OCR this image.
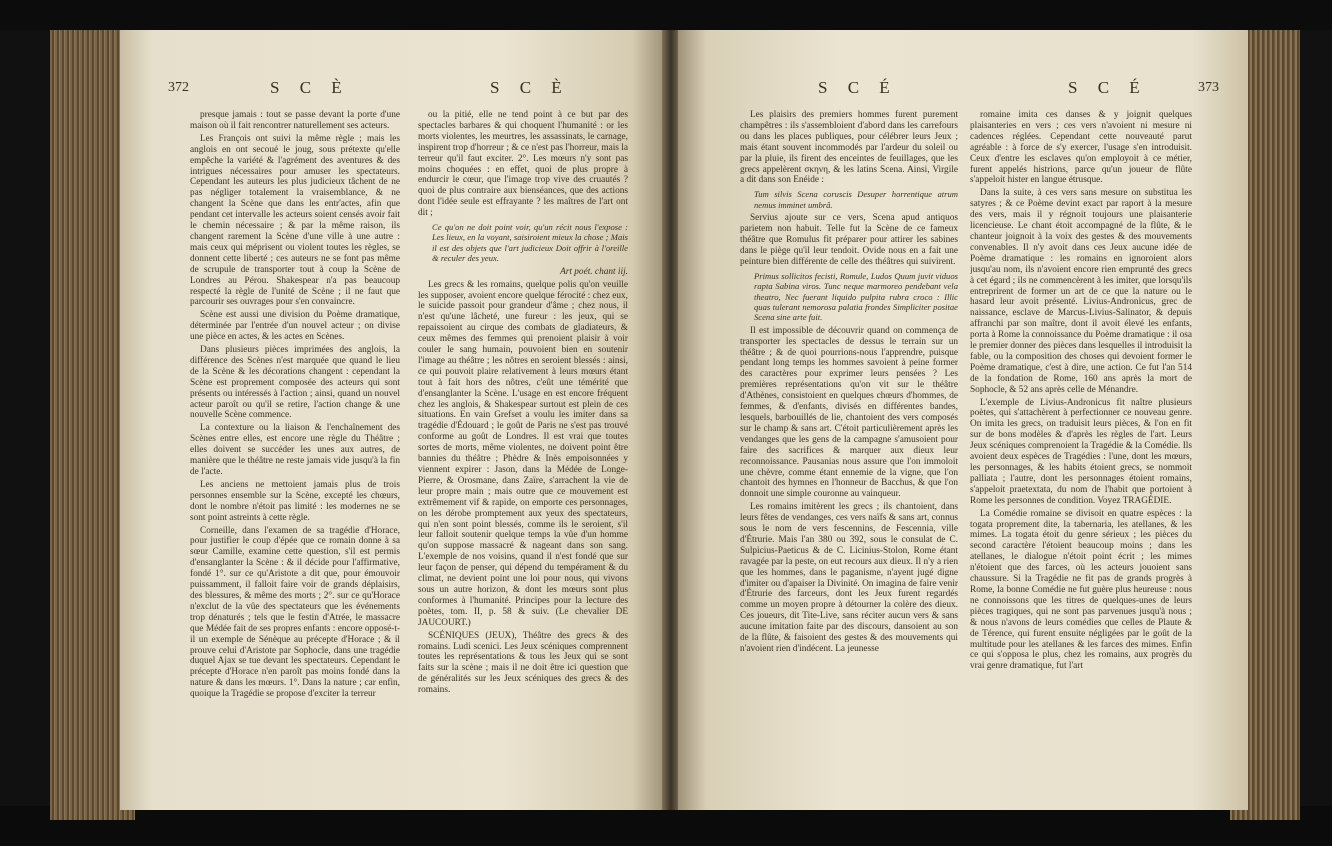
372	S C È	S C È

presque jamais : tout se passe devant la porte d'une maison où il fait rencontrer naturellement ses acteurs.

Les François ont suivi la même règle ; mais les anglois en ont secoué le joug, sous prétexte qu'elle empêche la variété & l'agrément des aventures & des intrigues nécessaires pour amuser les spectateurs. Cependant les auteurs les plus judicieux tâchent de ne pas négliger totalement la vraisemblance, & ne changent la Scène que dans les entr'actes, afin que pendant cet intervalle les acteurs soient censés avoir fait le chemin nécessaire ; & par la même raison, ils changent rarement la Scène d'une ville à une autre : mais ceux qui méprisent ou violent toutes les règles, se donnent cette liberté ; ces auteurs ne se font pas même de scrupule de transporter tout à coup la Scène de Londres au Pérou. Shakespear n'a pas beaucoup respecté la règle de l'unité de Scène ; il ne faut que parcourir ses ouvrages pour s'en convaincre.

Scène est aussi une division du Poème dramatique, déterminée par l'entrée d'un nouvel acteur ; on divise une pièce en actes, & les actes en Scènes.

Dans plusieurs pièces imprimées des anglois, la différence des Scènes n'est marquée que quand le lieu de la Scène & les décorations changent : cependant la Scène est proprement composée des acteurs qui sont présents ou intéressés à l'action ; ainsi, quand un nouvel acteur paroît ou qu'il se retire, l'action change & une nouvelle Scène commence.

La contexture ou la liaison & l'enchaînement des Scènes entre elles, est encore une règle du Théâtre ; elles doivent se succéder les unes aux autres, de manière que le théâtre ne reste jamais vide jusqu'à la fin de l'acte.

Les anciens ne mettoient jamais plus de trois personnes ensemble sur la Scène, excepté les chœurs, dont le nombre n'étoit pas limité : les modernes ne se sont point astreints à cette règle.

Corneille, dans l'examen de sa tragédie d'Horace, pour justifier le coup d'épée que ce romain donne à sa sœur Camille, examine cette question, s'il est permis d'ensanglanter la Scène : & il décide pour l'affirmative, fondé 1°. sur ce qu'Aristote a dit que, pour émouvoir puissamment, il falloit faire voir de grands déplaisirs, des blessures, & même des morts ; 2°. sur ce qu'Horace n'exclut de la vûe des spectateurs que les événements trop dénaturés ; tels que le festin d'Atrée, le massacre que Médée fait de ses propres enfants : encore opposé-t-il un exemple de Sénèque au précepte d'Horace ; & il prouve celui d'Aristote par Sophocle, dans une tragédie duquel Ajax se tue devant les spectateurs. Cependant le précepte d'Horace n'en paroît pas moins fondé dans la nature & dans les mœurs. 1°. Dans la nature ; car enfin, quoique la Tragédie se propose d'exciter la terreur

ou la pitié, elle ne tend point à ce but par des spectacles barbares & qui choquent l'humanité : or les morts violentes, les meurtres, les assassinats, le carnage, inspirent trop d'horreur ; & ce n'est pas l'horreur, mais la terreur qu'il faut exciter. 2°. Les mœurs n'y sont pas moins choquées : en effet, quoi de plus propre à endurcir le cœur, que l'image trop vive des cruautés ? quoi de plus contraire aux bienséances, que des actions dont l'idée seule est effrayante ? les maîtres de l'art ont dit ;

Ce qu'on ne doit point voir, qu'un récit nous l'expose : Les lieux, en la voyant, saisiroient mieux la chose ; Mais il est des objets que l'art judicieux Doit offrir à l'oreille & reculer des yeux.

Art poét. chant iij.

Les grecs & les romains, quelque polis qu'on veuille les supposer, avoient encore quelque férocité : chez eux, le suicide passoit pour grandeur d'âme ; chez nous, il n'est qu'une lâcheté, une fureur : les jeux, qui se repaissoient au cirque des combats de gladiateurs, & ceux mêmes des femmes qui prenoient plaisir à voir couler le sang humain, pouvoient bien en soutenir l'image au théâtre ; les nôtres en seroient blessés : ainsi, ce qui pouvoit plaire relativement à leurs mœurs étant tout à fait hors des nôtres, c'eût une témérité que d'ensanglanter la Scène. L'usage en est encore fréquent chez les anglois, & Shakespear surtout est plein de ces situations. En vain Grefset a voulu les imiter dans sa tragédie d'Édouard ; le goût de Paris ne s'est pas trouvé conforme au goût de Londres. Il est vrai que toutes sortes de morts, même violentes, ne doivent point être bannies du théâtre ; Phèdre & Inès empoisonnées y viennent expirer : Jason, dans la Médée de Longe-Pierre, & Orosmane, dans Zaïre, s'arrachent la vie de leur propre main ; mais outre que ce mouvement est extrêmement vif & rapide, on emporte ces personnages, on les dérobe promptement aux yeux des spectateurs, qui n'en sont point blessés, comme ils le seroient, s'il leur falloit soutenir quelque temps la vûe d'un homme qu'on suppose massacré & nageant dans son sang. L'exemple de nos voisins, quand il n'est fondé que sur leur façon de penser, qui dépend du tempérament & du climat, ne devient point une loi pour nous, qui vivons sous un autre horizon, & dont les mœurs sont plus conformes à l'humanité. Principes pour la lecture des poètes, tom. II, p. 58 & suiv. (Le chevalier DE JAUCOURT.)

SCÉNIQUES (JEUX), Théâtre des grecs & des romains. Ludi scenici. Les Jeux scéniques comprennent toutes les représentations & tous les Jeux qui se sont faits sur la scène ; mais il ne doit être ici question que de généralités sur les Jeux scéniques des grecs & des romains.

S C É	S C É	373

Les plaisirs des premiers hommes furent purement champêtres : ils s'assembloient d'abord dans les carrefours ou dans les places publiques, pour célébrer leurs Jeux ; mais étant souvent incommodés par l'ardeur du soleil ou par la pluie, ils firent des enceintes de feuillages, que les grecs appelèrent σκηνη, & les latins Scena. Ainsi, Virgile a dit dans son Enéide :

Tum silvis Scena coruscis Desuper horrentique atrum nemus imminet umbrâ.

Servius ajoute sur ce vers, Scena apud antiquos parietem non habuit. Telle fut la Scène de ce fameux théâtre que Romulus fit préparer pour attirer les sabines dans le piège qu'il leur tendoit. Ovide nous en a fait une peinture bien différente de celle des théâtres qui suivirent.

Primus sollicitos fecisti, Romule, Ludos Quum juvit viduos rapta Sabina viros. Tunc neque marmoreo pendebant vela theatro, Nec fuerant liquido pulpita rubra croco : Illic quas tulerant nemorosa palatia frondes Simpliciter positae Scena sine arte fuit.

Il est impossible de découvrir quand on commença de transporter les spectacles de dessus le terrain sur un théâtre ; & de quoi pourrions-nous l'apprendre, puisque pendant long temps les hommes savoient à peine former des caractères pour exprimer leurs pensées ? Les premières représentations qu'on vit sur le théâtre d'Athènes, consistoient en quelques chœurs d'hommes, de femmes, & d'enfants, divisés en différentes bandes, lesquels, barbouillés de lie, chantoient des vers composés sur le champ & sans art. C'étoit particulièrement après les vendanges que les gens de la campagne s'amusoient pour faire des sacrifices & marquer aux dieux leur reconnoissance. Pausanias nous assure que l'on immoloit une chèvre, comme étant ennemie de la vigne, que l'on chantoit des hymnes en l'honneur de Bacchus, & que l'on donnoit une simple couronne au vainqueur.

Les romains imitèrent les grecs ; ils chantoient, dans leurs fêtes de vendanges, ces vers naïfs & sans art, connus sous le nom de vers fescennins, de Fescennia, ville d'Étrurie. Mais l'an 380 ou 392, sous le consulat de C. Sulpicius-Paeticus & de C. Licinius-Stolon, Rome étant ravagée par la peste, on eut recours aux dieux. Il n'y a rien que les hommes, dans le paganisme, n'ayent jugé digne d'imiter ou d'apaiser la Divinité. On imagina de faire venir d'Étrurie des farceurs, dont les Jeux furent regardés comme un moyen propre à détourner la colère des dieux. Ces joueurs, dit Tite-Live, sans réciter aucun vers & sans aucune imitation faite par des discours, dansoient au son de la flûte, & faisoient des gestes & des mouvements qui n'avoient rien d'indécent. La jeunesse

romaine imita ces danses & y joignit quelques plaisanteries en vers ; ces vers n'avoient ni mesure ni cadences réglées. Cependant cette nouveauté parut agréable : à force de s'y exercer, l'usage s'en introduisit. Ceux d'entre les esclaves qu'on employoit à ce métier, furent appelés histrions, parce qu'un joueur de flûte s'appeloit hister en langue étrusque.

Dans la suite, à ces vers sans mesure on substitua les satyres ; & ce Poème devint exact par raport à la mesure des vers, mais il y régnoit toujours une plaisanterie licencieuse. Le chant étoit accompagné de la flûte, & le chanteur joignoit à la voix des gestes & des mouvements convenables. Il n'y avoit dans ces Jeux aucune idée de Poème dramatique : les romains en ignoroient alors jusqu'au nom, ils n'avoient encore rien emprunté des grecs à cet égard ; ils ne commencèrent à les imiter, que lorsqu'ils entreprirent de former un art de ce que la nature ou le hasard leur avoit présenté. Livius-Andronicus, grec de naissance, esclave de Marcus-Livius-Salinator, & depuis affranchi par son maître, dont il avoit élevé les enfants, porta à Rome la connoissance du Poème dramatique : il osa le premier donner des pièces dans lesquelles il introduisit la fable, ou la composition des choses qui devoient former le Poème dramatique, c'est à dire, une action. Ce fut l'an 514 de la fondation de Rome, 160 ans après la mort de Sophocle, & 52 ans après celle de Ménandre.

L'exemple de Livius-Andronicus fit naître plusieurs poètes, qui s'attachèrent à perfectionner ce nouveau genre. On imita les grecs, on traduisit leurs pièces, & l'on en fit sur de bons modèles & d'après les règles de l'art. Leurs Jeux scéniques comprenoient la Tragédie & la Comédie. Ils avoient deux espèces de Tragédies : l'une, dont les mœurs, les personnages, & les habits étoient grecs, se nommoit palliata ; l'autre, dont les personnages étoient romains, s'appeloit praetextata, du nom de l'habit que portoient à Rome les personnes de condition. Voyez TRAGÉDIE.

La Comédie romaine se divisoit en quatre espèces : la togata proprement dite, la tabernaria, les atellanes, & les mimes. La togata étoit du genre sérieux ; les pièces du second caractère l'étoient beaucoup moins ; dans les atellanes, le dialogue n'étoit point écrit ; les mimes n'étoient que des farces, où les acteurs jouoient sans chaussure. Si la Tragédie ne fit pas de grands progrès à Rome, la bonne Comédie ne fut guère plus heureuse : nous ne connoissons que les titres de quelques-unes de leurs pièces tragiques, qui ne sont pas parvenues jusqu'à nous ; & nous n'avons de leurs comédies que celles de Plaute & de Térence, qui furent ensuite négligées par le goût de la multitude pour les atellanes & les farces des mimes. Enfin ce qui s'opposa le plus, chez les romains, aux progrès du vrai genre dramatique, fut l'art
